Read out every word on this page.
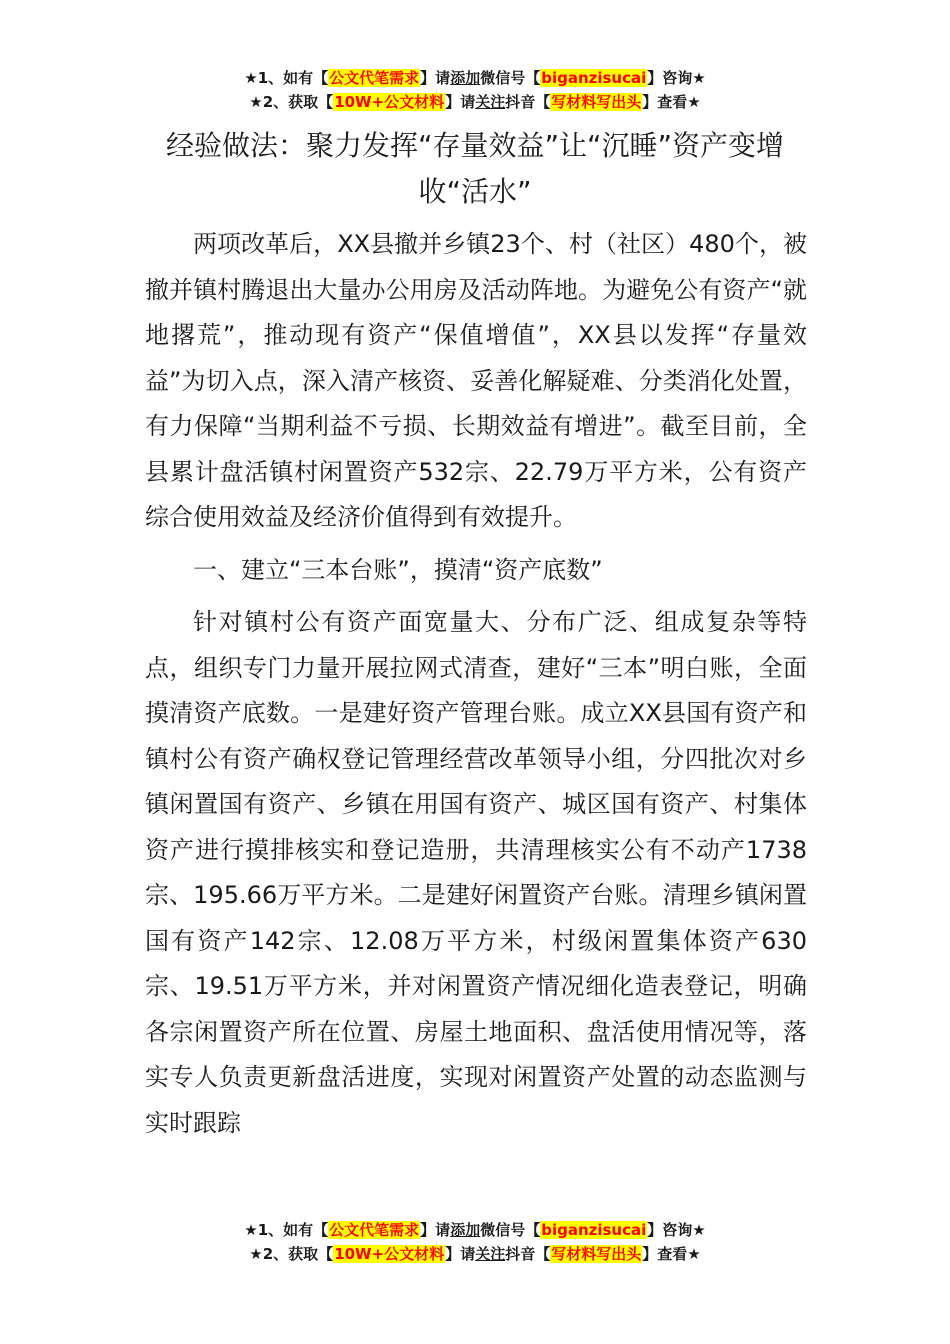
★1、如有【公文代笔需求】请添加微信号【biganzisucai】咨询★
★2、获取【10W+公文材料】请关注抖音【写材料写出头】查看★
经验做法：聚力发挥“存量效益”让“沉睡”资产变增收“活水”

两项改革后，XX县撤并乡镇23个、村（社区）480个，被撤并镇村腾退出大量办公用房及活动阵地。为避免公有资产“就地撂荒”，推动现有资产“保值增值”，XX县以发挥“存量效益”为切入点，深入清产核资、妥善化解疑难、分类消化处置，有力保障“当期利益不亏损、长期效益有增进”。截至目前，全县累计盘活镇村闲置资产532宗、22.79万平方米，公有资产综合使用效益及经济价值得到有效提升。

一、建立“三本台账”，摸清“资产底数”

针对镇村公有资产面宽量大、分布广泛、组成复杂等特点，组织专门力量开展拉网式清查，建好“三本”明白账，全面摸清资产底数。一是建好资产管理台账。成立XX县国有资产和镇村公有资产确权登记管理经营改革领导小组，分四批次对乡镇闲置国有资产、乡镇在用国有资产、城区国有资产、村集体资产进行摸排核实和登记造册，共清理核实公有不动产1738宗、195.66万平方米。二是建好闲置资产台账。清理乡镇闲置国有资产142宗、12.08万平方米，村级闲置集体资产630宗、19.51万平方米，并对闲置资产情况细化造表登记，明确各宗闲置资产所在位置、房屋土地面积、盘活使用情况等，落实专人负责更新盘活进度，实现对闲置资产处置的动态监测与实时跟踪

★1、如有【公文代笔需求】请添加微信号【biganzisucai】咨询★
★2、获取【10W+公文材料】请关注抖音【写材料写出头】查看★
